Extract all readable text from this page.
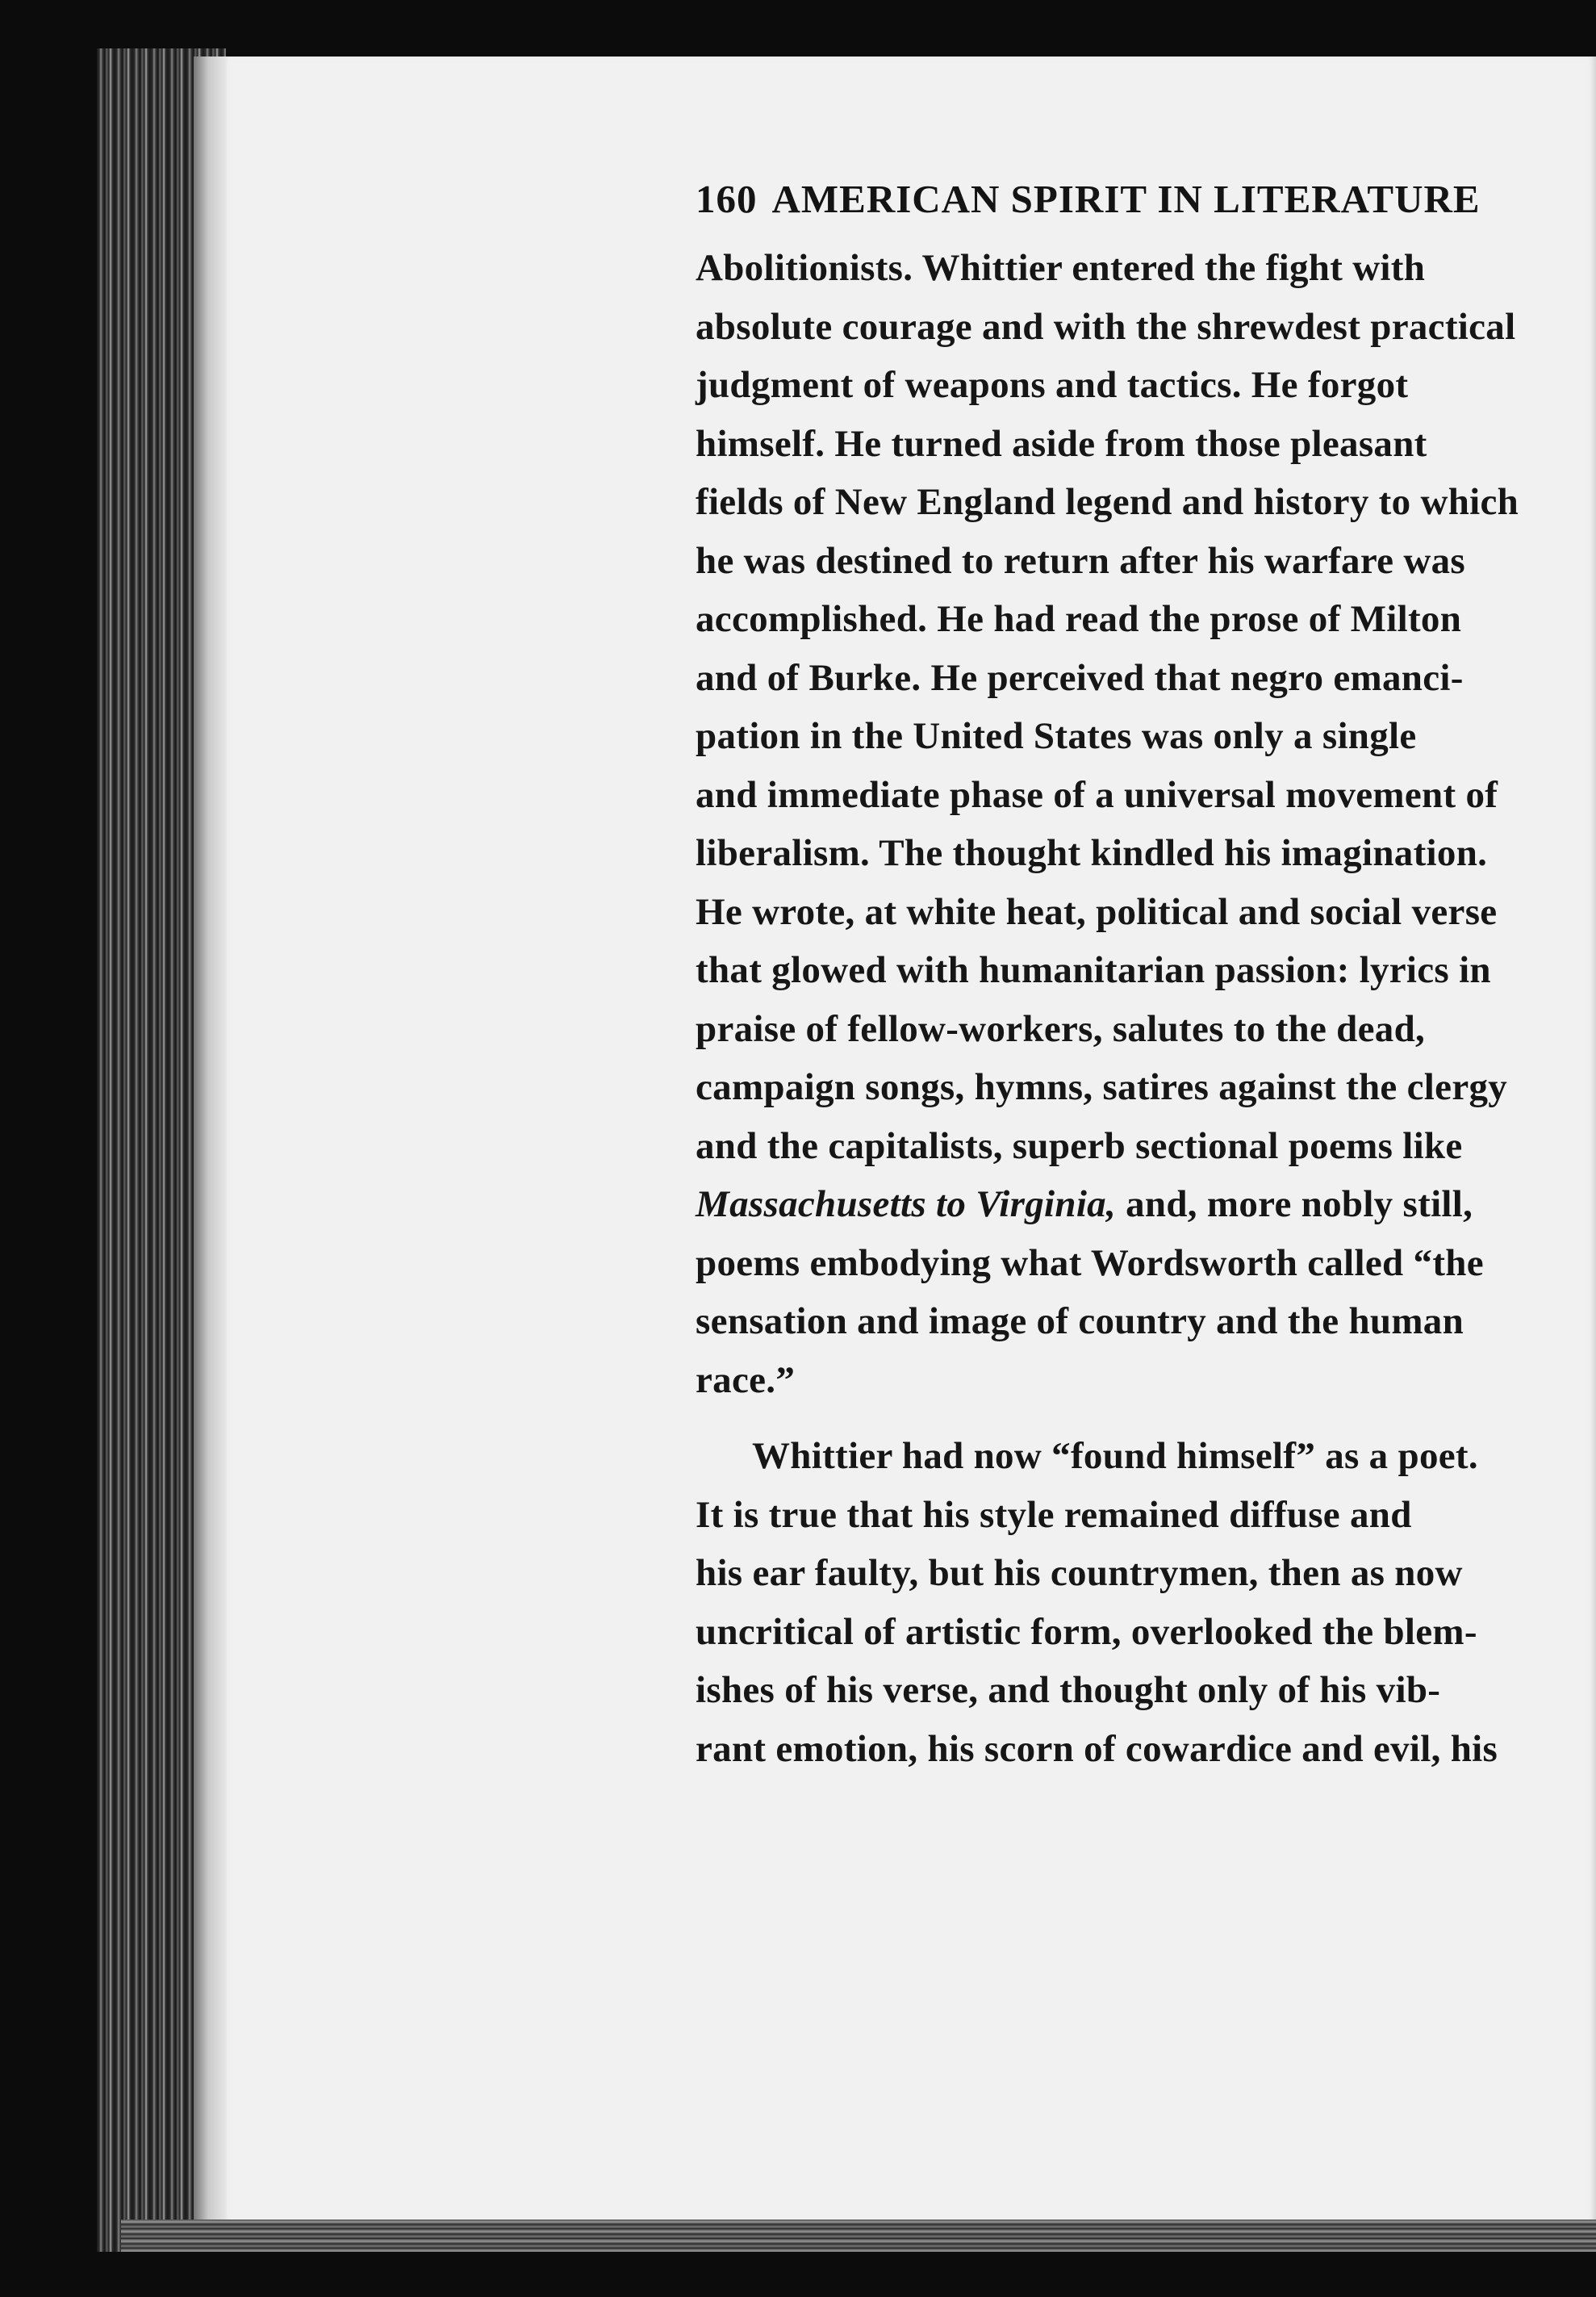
160 AMERICAN SPIRIT IN LITERATURE
Abolitionists. Whittier entered the fight with
absolute courage and with the shrewdest practical
judgment of weapons and tactics. He forgot
himself. He turned aside from those pleasant
fields of New England legend and history to which
he was destined to return after his warfare was
accomplished. He had read the prose of Milton
and of Burke. He perceived that negro emanci-
pation in the United States was only a single
and immediate phase of a universal movement of
liberalism. The thought kindled his imagination.
He wrote, at white heat, political and social verse
that glowed with humanitarian passion: lyrics in
praise of fellow-workers, salutes to the dead,
campaign songs, hymns, satires against the clergy
and the capitalists, superb sectional poems like
Massachusetts to Virginia, and, more nobly still,
poems embodying what Wordsworth called “the
sensation and image of country and the human
race.”
Whittier had now “found himself” as a poet.
It is true that his style remained diffuse and
his ear faulty, but his countrymen, then as now
uncritical of artistic form, overlooked the blem-
ishes of his verse, and thought only of his vib-
rant emotion, his scorn of cowardice and evil, his
